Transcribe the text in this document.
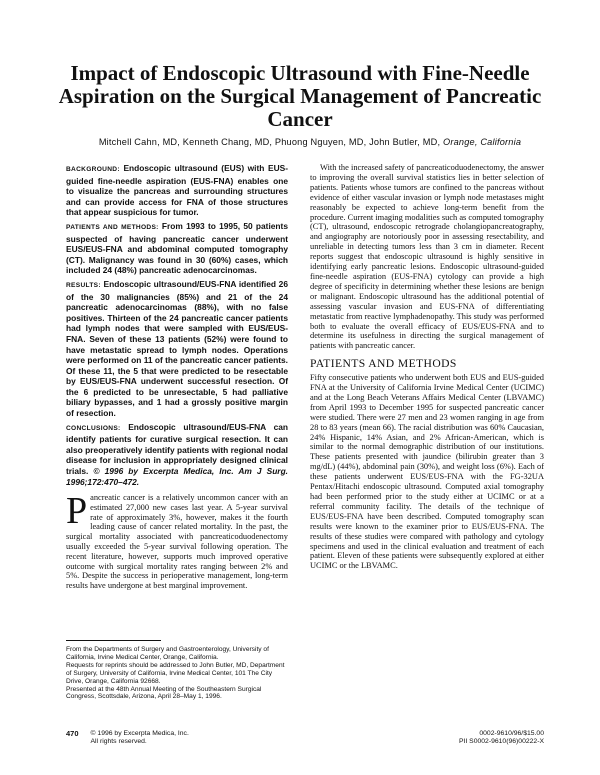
Impact of Endoscopic Ultrasound with Fine-Needle Aspiration on the Surgical Management of Pancreatic Cancer
Mitchell Cahn, MD, Kenneth Chang, MD, Phuong Nguyen, MD, John Butler, MD, Orange, California

BACKGROUND: Endoscopic ultrasound (EUS) with EUS-guided fine-needle aspiration (EUS-FNA) enables one to visualize the pancreas and surrounding structures and can provide access for FNA of those structures that appear suspicious for tumor.

PATIENTS AND METHODS: From 1993 to 1995, 50 patients suspected of having pancreatic cancer underwent EUS/EUS-FNA and abdominal computed tomography (CT). Malignancy was found in 30 (60%) cases, which included 24 (48%) pancreatic adenocarcinomas.

RESULTS: Endoscopic ultrasound/EUS-FNA identified 26 of the 30 malignancies (85%) and 21 of the 24 pancreatic adenocarcinomas (88%), with no false positives. Thirteen of the 24 pancreatic cancer patients had lymph nodes that were sampled with EUS/EUS-FNA. Seven of these 13 patients (52%) were found to have metastatic spread to lymph nodes. Operations were performed on 11 of the pancreatic cancer patients. Of these 11, the 5 that were predicted to be resectable by EUS/EUS-FNA underwent successful resection. Of the 6 predicted to be unresectable, 5 had palliative biliary bypasses, and 1 had a grossly positive margin of resection.

CONCLUSIONS: Endoscopic ultrasound/EUS-FNA can identify patients for curative surgical resection. It can also preoperatively identify patients with regional nodal disease for inclusion in appropriately designed clinical trials. © 1996 by Excerpta Medica, Inc. Am J Surg. 1996;172:470–472.

Pancreatic cancer is a relatively uncommon cancer with an estimated 27,000 new cases last year. A 5-year survival rate of approximately 3%, however, makes it the fourth leading cause of cancer related mortality. In the past, the surgical mortality associated with pancreaticoduodenectomy usually exceeded the 5-year survival following operation. The recent literature, however, supports much improved operative outcome with surgical mortality rates ranging between 2% and 5%. Despite the success in perioperative management, long-term results have undergone at best marginal improvement.

With the increased safety of pancreaticoduodenectomy, the answer to improving the overall survival statistics lies in better selection of patients. Patients whose tumors are confined to the pancreas without evidence of either vascular invasion or lymph node metastases might reasonably be expected to achieve long-term benefit from the procedure. Current imaging modalities such as computed tomography (CT), ultrasound, endoscopic retrograde cholangiopancreatography, and angiography are notoriously poor in assessing resectability, and unreliable in detecting tumors less than 3 cm in diameter. Recent reports suggest that endoscopic ultrasound is highly sensitive in identifying early pancreatic lesions. Endoscopic ultrasound-guided fine-needle aspiration (EUS-FNA) cytology can provide a high degree of specificity in determining whether these lesions are benign or malignant. Endoscopic ultrasound has the additional potential of assessing vascular invasion and EUS-FNA of differentiating metastatic from reactive lymphadenopathy. This study was performed both to evaluate the overall efficacy of EUS/EUS-FNA and to determine its usefulness in directing the surgical management of patients with pancreatic cancer.

PATIENTS AND METHODS

Fifty consecutive patients who underwent both EUS and EUS-guided FNA at the University of California Irvine Medical Center (UCIMC) and at the Long Beach Veterans Affairs Medical Center (LBVAMC) from April 1993 to December 1995 for suspected pancreatic cancer were studied. There were 27 men and 23 women ranging in age from 28 to 83 years (mean 66). The racial distribution was 60% Caucasian, 24% Hispanic, 14% Asian, and 2% African-American, which is similar to the normal demographic distribution of our institutions. These patients presented with jaundice (bilirubin greater than 3 mg/dL) (44%), abdominal pain (30%), and weight loss (6%). Each of these patients underwent EUS/EUS-FNA with the FG-32UA Pentax/Hitachi endoscopic ultrasound. Computed axial tomography had been performed prior to the study either at UCIMC or at a referral community facility. The details of the technique of EUS/EUS-FNA have been described. Computed tomography scan results were known to the examiner prior to EUS/EUS-FNA. The results of these studies were compared with pathology and cytology specimens and used in the clinical evaluation and treatment of each patient. Eleven of these patients were subsequently explored at either UCIMC or the LBVAMC.

From the Departments of Surgery and Gastroenterology, University of California, Irvine Medical Center, Orange, California.

Requests for reprints should be addressed to John Butler, MD, Department of Surgery, University of California, Irvine Medical Center, 101 The City Drive, Orange, California 92668.

Presented at the 48th Annual Meeting of the Southeastern Surgical Congress, Scottsdale, Arizona, April 28–May 1, 1996.

470 © 1996 by Excerpta Medica, Inc.
All rights reserved.
0002-9610/96/$15.00
PII S0002-9610(96)00222-X
